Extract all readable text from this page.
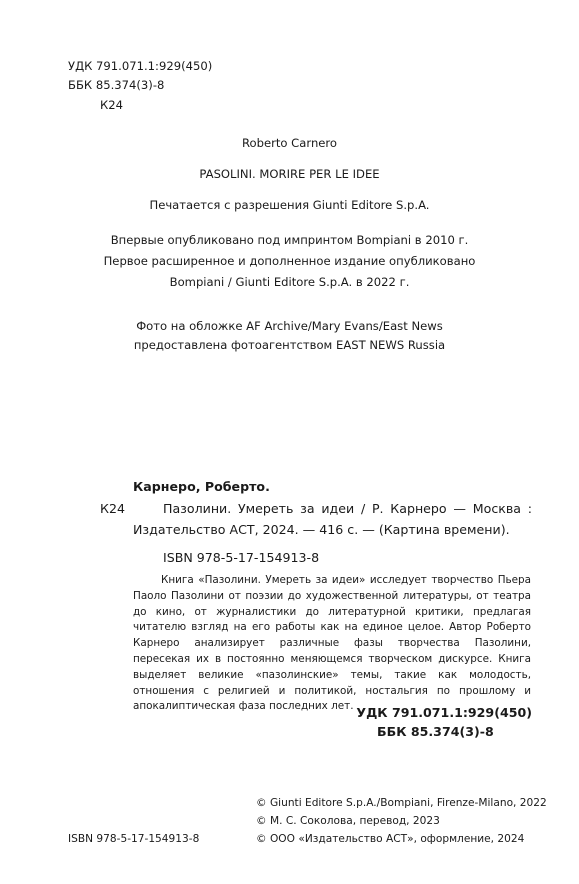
УДК 791.071.1:929(450)
ББК 85.374(3)-8
К24
Roberto Carnero
PASOLINI. MORIRE PER LE IDEE
Печатается с разрешения Giunti Editore S.p.A.
Впервые опубликовано под импринтом Bompiani в 2010 г.
Первое расширенное и дополненное издание опубликовано
Bompiani / Giunti Editore S.p.A. в 2022 г.
Фото на обложке AF Archive/Mary Evans/East News
предоставлена фотоагентством EAST NEWS Russia
Карнеро, Роберто.
К24	Пазолини. Умереть за идеи / Р. Карнеро — Москва :
Издательство АСТ, 2024. — 416 с. — (Картина времени).
ISBN 978-5-17-154913-8
Книга «Пазолини. Умереть за идеи» исследует творчество Пьера Паоло Пазолини от поэзии до художественной литературы, от театра до кино, от журналистики до литературной критики, предлагая читателю взгляд на его работы как на единое целое. Автор Роберто Карнеро анализирует различные фазы творчества Пазолини, пересекая их в постоянно меняющемся творческом дискурсе. Книга выделяет великие «пазолинские» темы, такие как молодость, отношения с религией и политикой, ностальгия по прошлому и апокалиптическая фаза последних лет. УДК 791.071.1:929(450)
ББК 85.374(3)-8
© Giunti Editore S.p.A./Bompiani, Firenze-Milano, 2022
© М. С. Соколова, перевод, 2023
ISBN 978-5-17-154913-8	© ООО «Издательство АСТ», оформление, 2024
